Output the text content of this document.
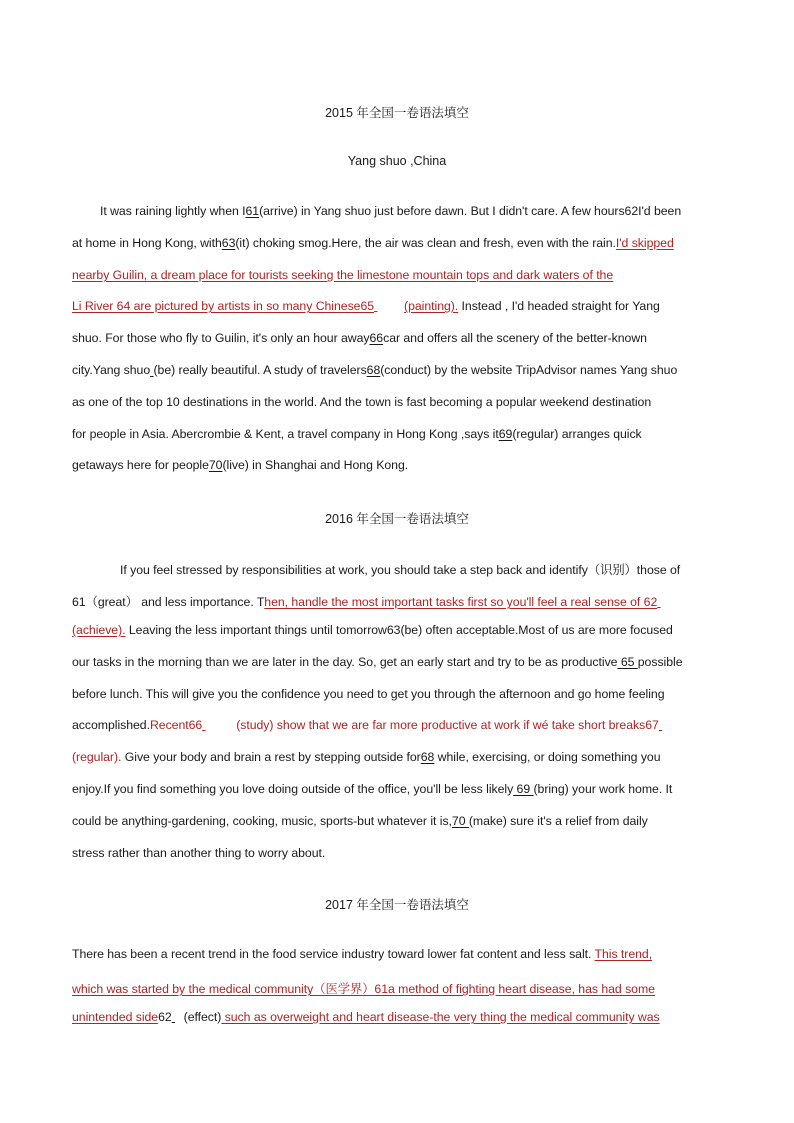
2015 年全国一卷语法填空
Yang shuo ,China
It was raining lightly when I61(arrive) in Yang shuo just before dawn. But I didn't care. A few hours62I'd been
at home in Hong Kong, with63(it) choking smog.Here, the air was clean and fresh, even with the rain.I'd skipped
nearby Guilin, a dream place for tourists seeking the limestone mountain tops and dark waters of the
Li River 64 are pictured by artists in so many Chinese65 (painting). Instead , I'd headed straight for Yang
shuo. For those who fly to Guilin, it's only an hour away66car and offers all the scenery of the better-known
city.Yang shuo (be) really beautiful. A study of travelers68(conduct) by the website TripAdvisor names Yang shuo
as one of the top 10 destinations in the world. And the town is fast becoming a popular weekend destination
for people in Asia. Abercrombie & Kent, a travel company in Hong Kong ,says it69(regular) arranges quick
getaways here for people70(live) in Shanghai and Hong Kong.
2016 年全国一卷语法填空
If you feel stressed by responsibilities at work, you should take a step back and identify（识别）those of
61（great） and less importance. Then, handle the most important tasks first so you'll feel a real sense of 62
(achieve). Leaving the less important things until tomorrow63(be) often acceptable.Most of us are more focused
our tasks in the morning than we are later in the day. So, get an early start and try to be as productive 65 possible
before lunch. This will give you the confidence you need to get you through the afternoon and go home feeling
accomplished.Recent66	(study) show that we are far more productive at work if wé take short breaks67
(regular). Give your body and brain a rest by stepping outside for68 while, exercising, or doing something you
enjoy.If you find something you love doing outside of the office, you'll be less likely 69 (bring) your work home. It
could be anything-gardening, cooking, music, sports-but whatever it is,70 (make) sure it's a relief from daily
stress rather than another thing to worry about.
2017 年全国一卷语法填空
There has been a recent trend in the food service industry toward lower fat content and less salt. This trend,
which was started by the medical community（医学界）61a method of fighting heart disease, has had some
unintended side62 (effect) such as overweight and heart disease-the very thing the medical community was
